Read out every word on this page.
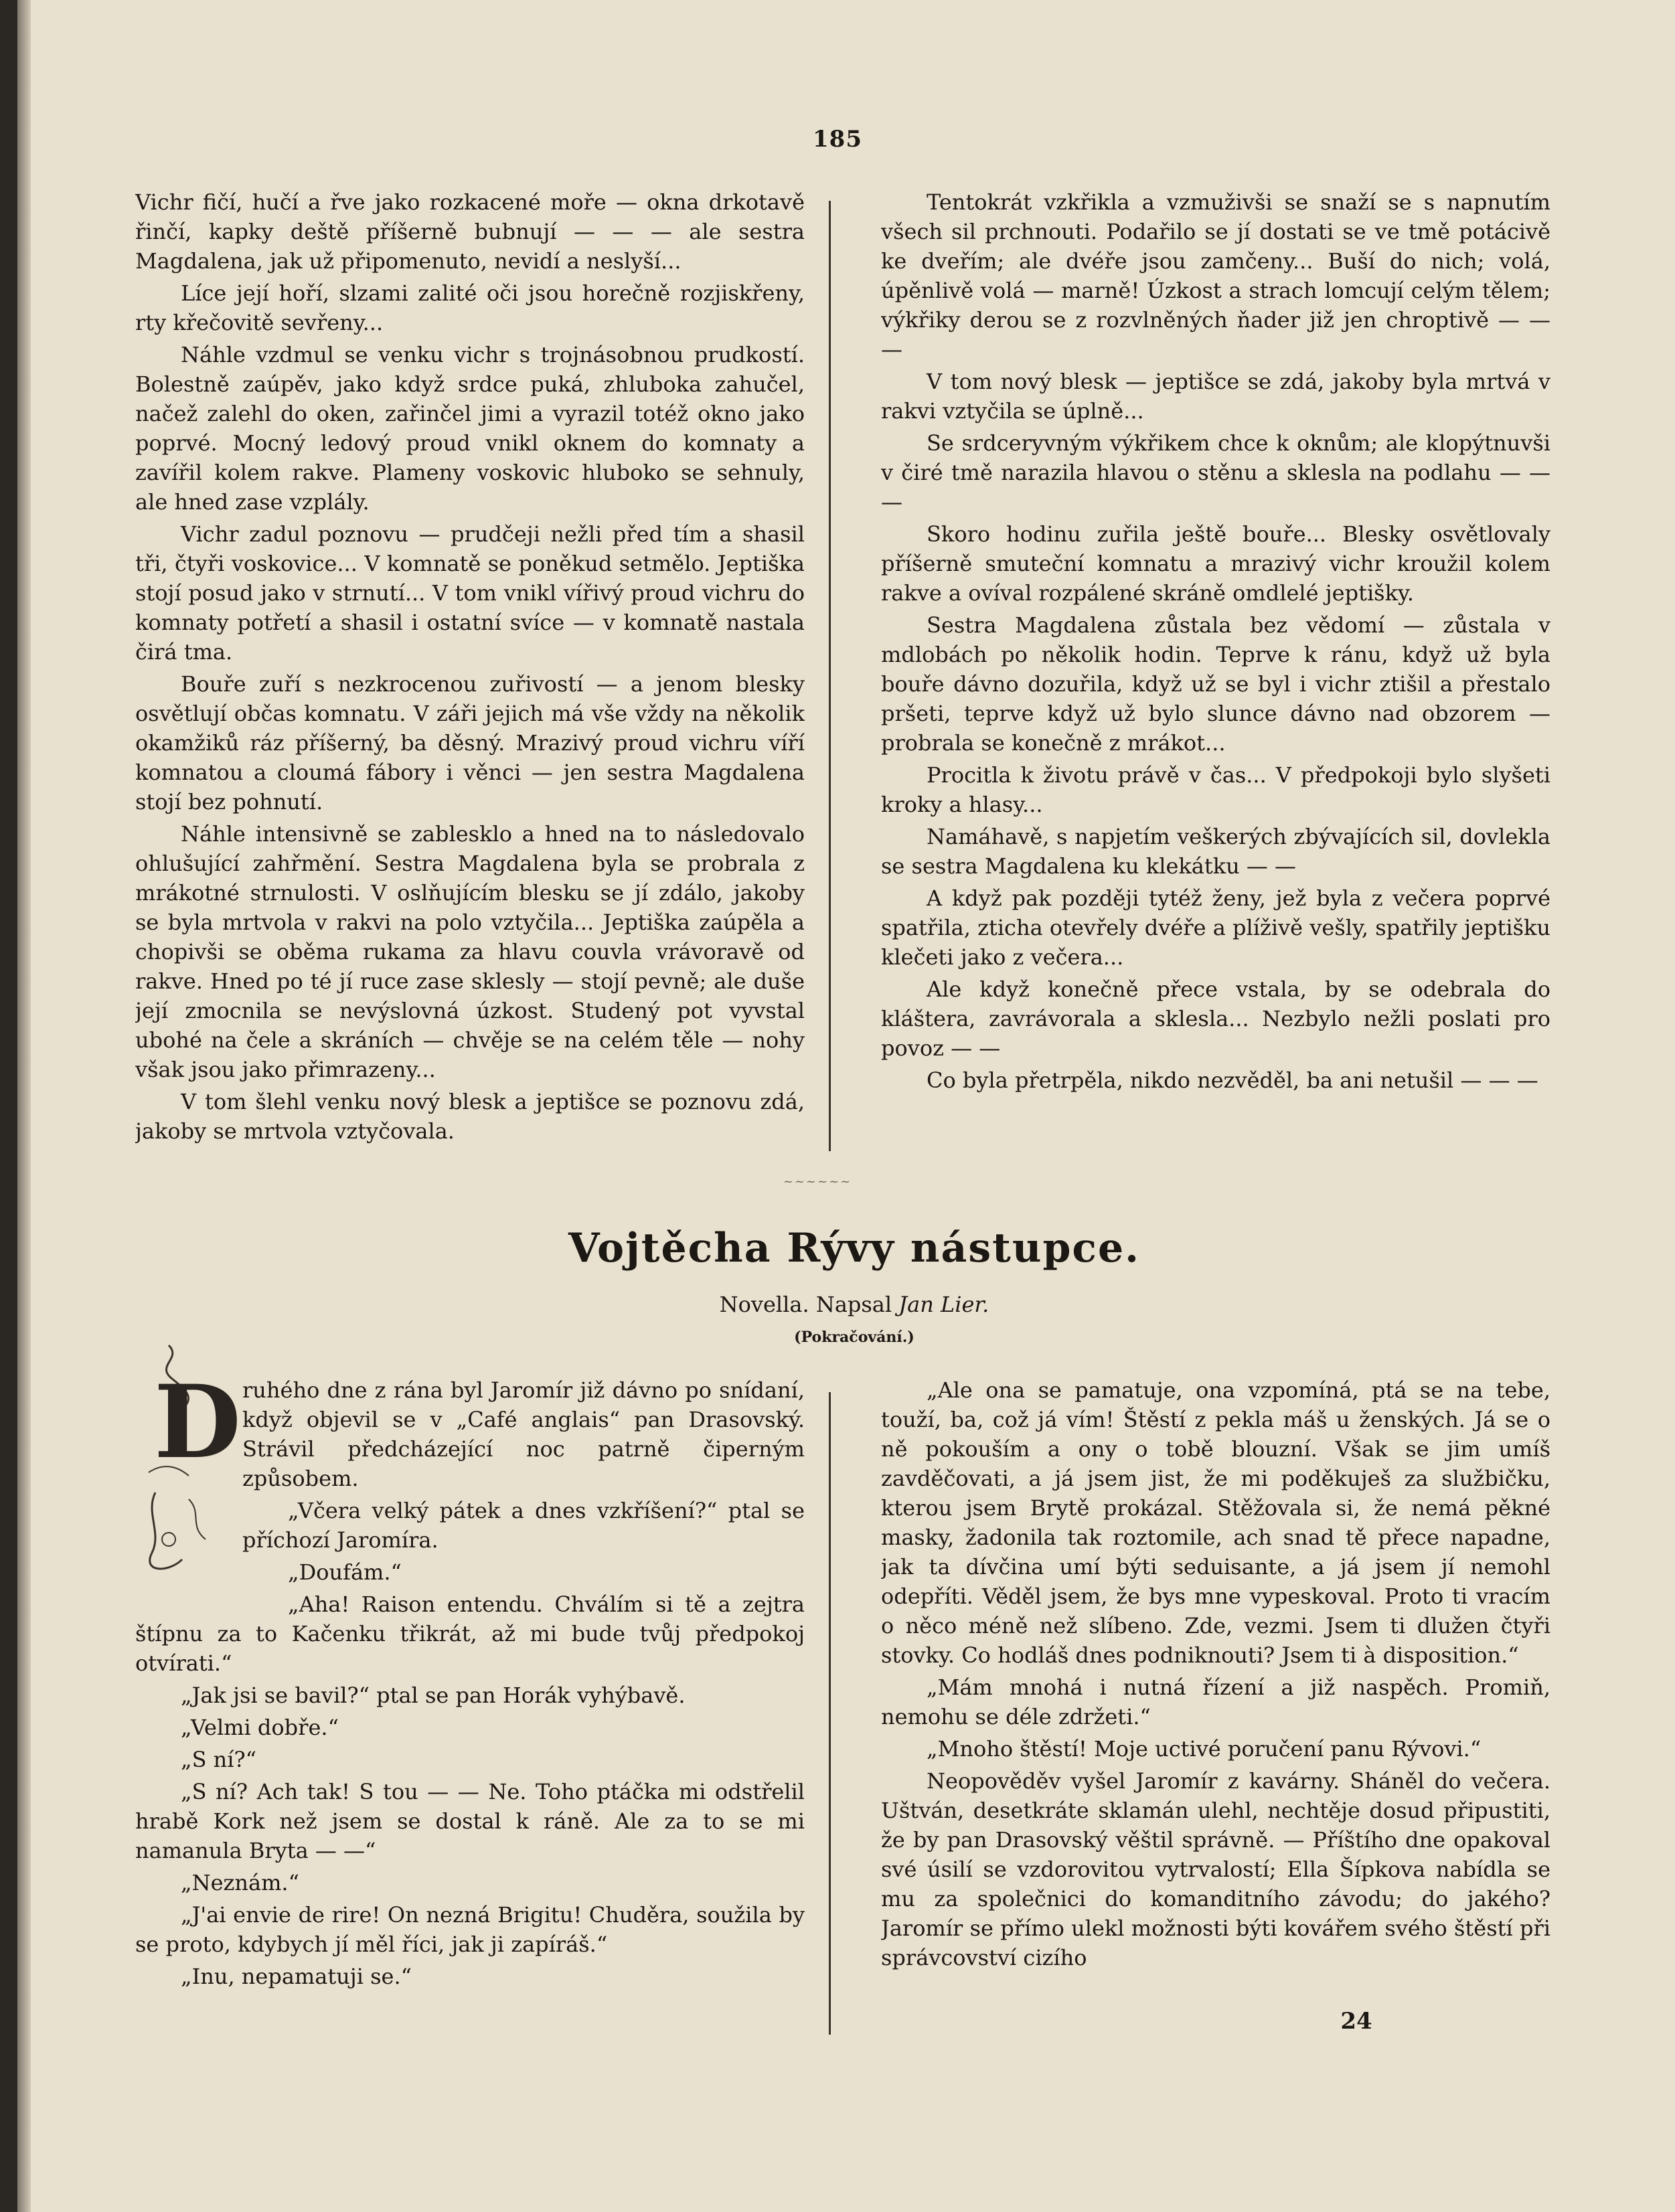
185

Vichr fičí, hučí a řve jako rozkacené moře — okna drkotavě řinčí, kapky deště příšerně bubnují — — — ale sestra Magdalena, jak už připomenuto, nevidí a neslyší...

Líce její hoří, slzami zalité oči jsou horečně rozjiskřeny, rty křečovitě sevřeny...

Náhle vzdmul se venku vichr s trojnásobnou prudkostí. Bolestně zaúpěv, jako když srdce puká, zhluboka zahučel, načež zalehl do oken, zařinčel jimi a vyrazil totéž okno jako poprvé. Mocný ledový proud vnikl oknem do komnaty a zavířil kolem rakve. Plameny voskovic hluboko se sehnuly, ale hned zase vzplály.

Vichr zadul poznovu — prudčeji nežli před tím a shasil tři, čtyři voskovice... V komnatě se poněkud setmělo. Jeptiška stojí posud jako v strnutí... V tom vnikl vířivý proud vichru do komnaty potřetí a shasil i ostatní svíce — v komnatě nastala čirá tma.

Bouře zuří s nezkrocenou zuřivostí — a jenom blesky osvětlují občas komnatu. V záři jejich má vše vždy na několik okamžiků ráz příšerný, ba děsný. Mrazivý proud vichru víří komnatou a cloumá fábory i věnci — jen sestra Magdalena stojí bez pohnutí.

Náhle intensivně se zablesklo a hned na to následovalo ohlušující zahřmění. Sestra Magdalena byla se probrala z mrákotné strnulosti. V oslňujícím blesku se jí zdálo, jakoby se byla mrtvola v rakvi na polo vztyčila... Jeptiška zaúpěla a chopivši se oběma rukama za hlavu couvla vrávoravě od rakve. Hned po té jí ruce zase sklesly — stojí pevně; ale duše její zmocnila se nevýslovná úzkost. Studený pot vyvstal ubohé na čele a skráních — chvěje se na celém těle — nohy však jsou jako přimrazeny...

V tom šlehl venku nový blesk a jeptišce se poznovu zdá, jakoby se mrtvola vztyčovala.

Tentokrát vzkřikla a vzmuživši se snaží se s napnutím všech sil prchnouti. Podařilo se jí dostati se ve tmě potácivě ke dveřím; ale dvéře jsou zamčeny... Buší do nich; volá, úpěnlivě volá — marně! Úzkost a strach lomcují celým tělem; výkřiky derou se z rozvlněných ňader již jen chroptivě — — —

V tom nový blesk — jeptišce se zdá, jakoby byla mrtvá v rakvi vztyčila se úplně...

Se srdceryvným výkřikem chce k oknům; ale klopýtnuvši v čiré tmě narazila hlavou o stěnu a sklesla na podlahu — — —

Skoro hodinu zuřila ještě bouře... Blesky osvětlovaly příšerně smuteční komnatu a mrazivý vichr kroužil kolem rakve a ovíval rozpálené skráně omdlelé jeptišky.

Sestra Magdalena zůstala bez vědomí — zůstala v mdlobách po několik hodin. Teprve k ránu, když už byla bouře dávno dozuřila, když už se byl i vichr ztišil a přestalo pršeti, teprve když už bylo slunce dávno nad obzorem — probrala se konečně z mrákot...

Procitla k životu právě v čas... V předpokoji bylo slyšeti kroky a hlasy...

Namáhavě, s napjetím veškerých zbývajících sil, dovlekla se sestra Magdalena ku klekátku — —

A když pak později tytéž ženy, jež byla z večera poprvé spatřila, zticha otevřely dvéře a plíživě vešly, spatřily jeptišku klečeti jako z večera...

Ale když konečně přece vstala, by se odebrala do kláštera, zavrávorala a sklesla... Nezbylo nežli poslati pro povoz — —

Co byla přetrpěla, nikdo nezvěděl, ba ani netušil — — —

~~~~~~
Vojtěcha Rývy nástupce.
Novella. Napsal Jan Lier.
(Pokračování.)
D ruhého dne z rána byl Jaromír již dávno po snídaní, když objevil se v „Café anglais“ pan Drasovský. Strávil předcházející noc patrně čiperným způsobem.

„Včera velký pátek a dnes vzkříšení?“ ptal se příchozí Jaromíra.

„Doufám.“

„Aha! Raison entendu. Chválím si tě a zejtra štípnu za to Kačenku třikrát, až mi bude tvůj předpokoj otvírati.“

„Jak jsi se bavil?“ ptal se pan Horák vyhýbavě.

„Velmi dobře.“

„S ní?“

„S ní? Ach tak! S tou — — Ne. Toho ptáčka mi odstřelil hrabě Kork než jsem se dostal k ráně. Ale za to se mi namanula Bryta — —“

„Neznám.“

„J'ai envie de rire! On nezná Brigitu! Chuděra, soužila by se proto, kdybych jí měl říci, jak ji zapíráš.“

„Inu, nepamatuji se.“

„Ale ona se pamatuje, ona vzpomíná, ptá se na tebe, touží, ba, což já vím! Štěstí z pekla máš u ženských. Já se o ně pokouším a ony o tobě blouzní. Však se jim umíš zavděčovati, a já jsem jist, že mi poděkuješ za službičku, kterou jsem Brytě prokázal. Stěžovala si, že nemá pěkné masky, žadonila tak roztomile, ach snad tě přece napadne, jak ta dívčina umí býti seduisante, a já jsem jí nemohl odepříti. Věděl jsem, že bys mne vypeskoval. Proto ti vracím o něco méně než slíbeno. Zde, vezmi. Jsem ti dlužen čtyři stovky. Co hodláš dnes podniknouti? Jsem ti à disposition.“

„Mám mnohá i nutná řízení a již naspěch. Promiň, nemohu se déle zdržeti.“

„Mnoho štěstí! Moje uctivé poručení panu Rývovi.“

Neopověděv vyšel Jaromír z kavárny. Sháněl do večera. Uštván, desetkráte sklamán ulehl, nechtěje dosud připustiti, že by pan Drasovský věštil správně. — Příštího dne opakoval své úsilí se vzdorovitou vytrvalostí; Ella Šípkova nabídla se mu za společnici do komanditního závodu; do jakého? Jaromír se přímo ulekl možnosti býti kovářem svého štěstí při správcovství cizího

24
